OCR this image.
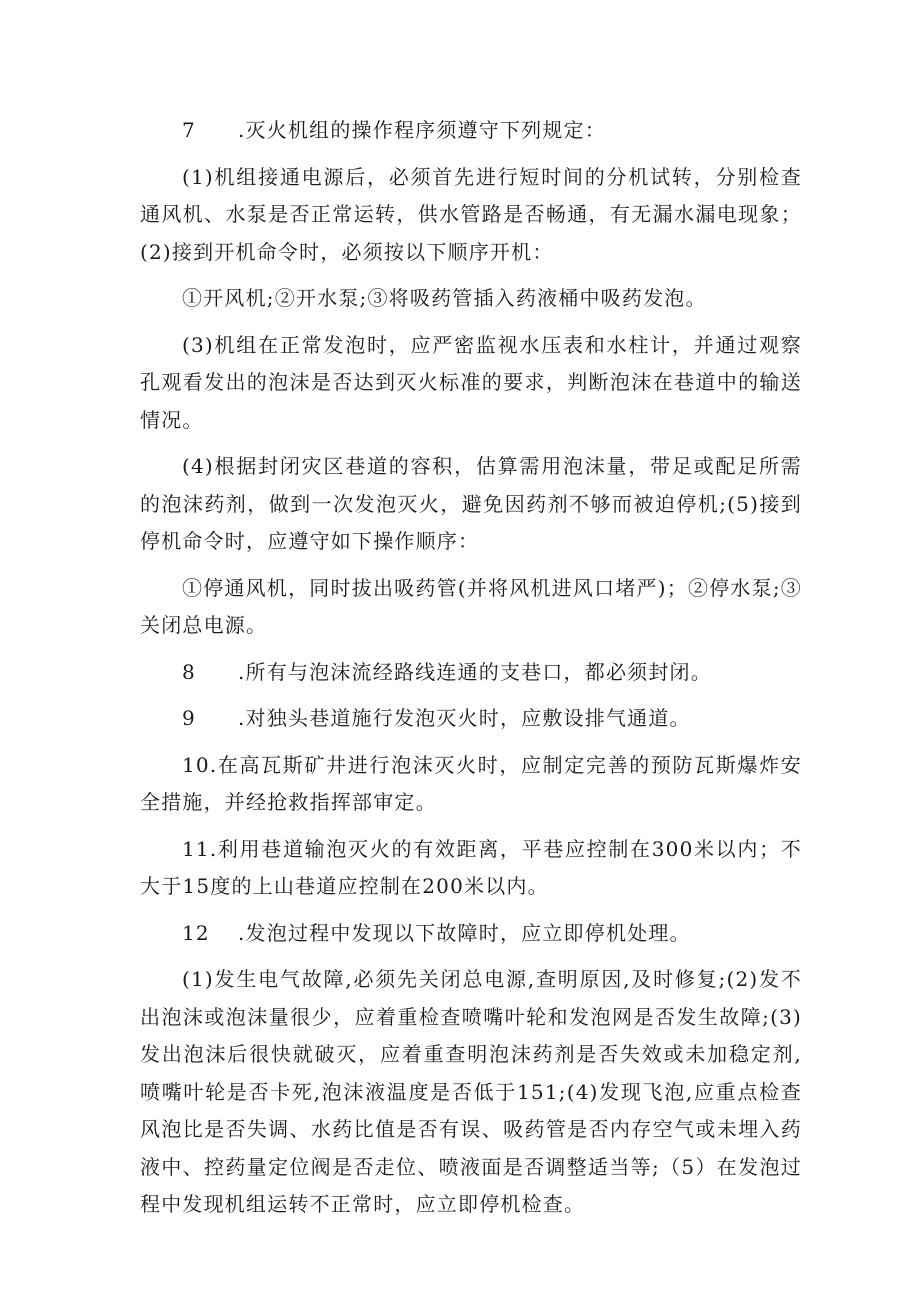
7	.灭火机组的操作程序须遵守下列规定：

(1)机组接通电源后，必须首先进行短时间的分机试转，分别检查通风机、水泵是否正常运转，供水管路是否畅通，有无漏水漏电现象；(2)接到开机命令时，必须按以下顺序开机：

①开风机;②开水泵;③将吸药管插入药液桶中吸药发泡。

(3)机组在正常发泡时，应严密监视水压表和水柱计，并通过观察孔观看发出的泡沫是否达到灭火标准的要求，判断泡沫在巷道中的输送情况。

(4)根据封闭灾区巷道的容积，估算需用泡沫量，带足或配足所需的泡沫药剂，做到一次发泡灭火，避免因药剂不够而被迫停机;(5)接到停机命令时，应遵守如下操作顺序：

①停通风机，同时拔出吸药管(并将风机进风口堵严)；②停水泵;③关闭总电源。

8	.所有与泡沫流经路线连通的支巷口，都必须封闭。
9	.对独头巷道施行发泡灭火时，应敷设排气通道。

10.在高瓦斯矿井进行泡沫灭火时，应制定完善的预防瓦斯爆炸安全措施，并经抢救指挥部审定。

11.利用巷道输泡灭火的有效距离，平巷应控制在300米以内；不大于15度的上山巷道应控制在200米以内。

12	.发泡过程中发现以下故障时，应立即停机处理。

(1)发生电气故障,必须先关闭总电源,查明原因,及时修复;(2)发不出泡沫或泡沫量很少，应着重检查喷嘴叶轮和发泡网是否发生故障;(3)发出泡沫后很快就破灭，应着重查明泡沫药剂是否失效或未加稳定剂,喷嘴叶轮是否卡死,泡沫液温度是否低于151;(4)发现飞泡,应重点检查风泡比是否失调、水药比值是否有误、吸药管是否内存空气或未埋入药液中、控药量定位阀是否走位、喷液面是否调整适当等;（5）在发泡过程中发现机组运转不正常时，应立即停机检查。
